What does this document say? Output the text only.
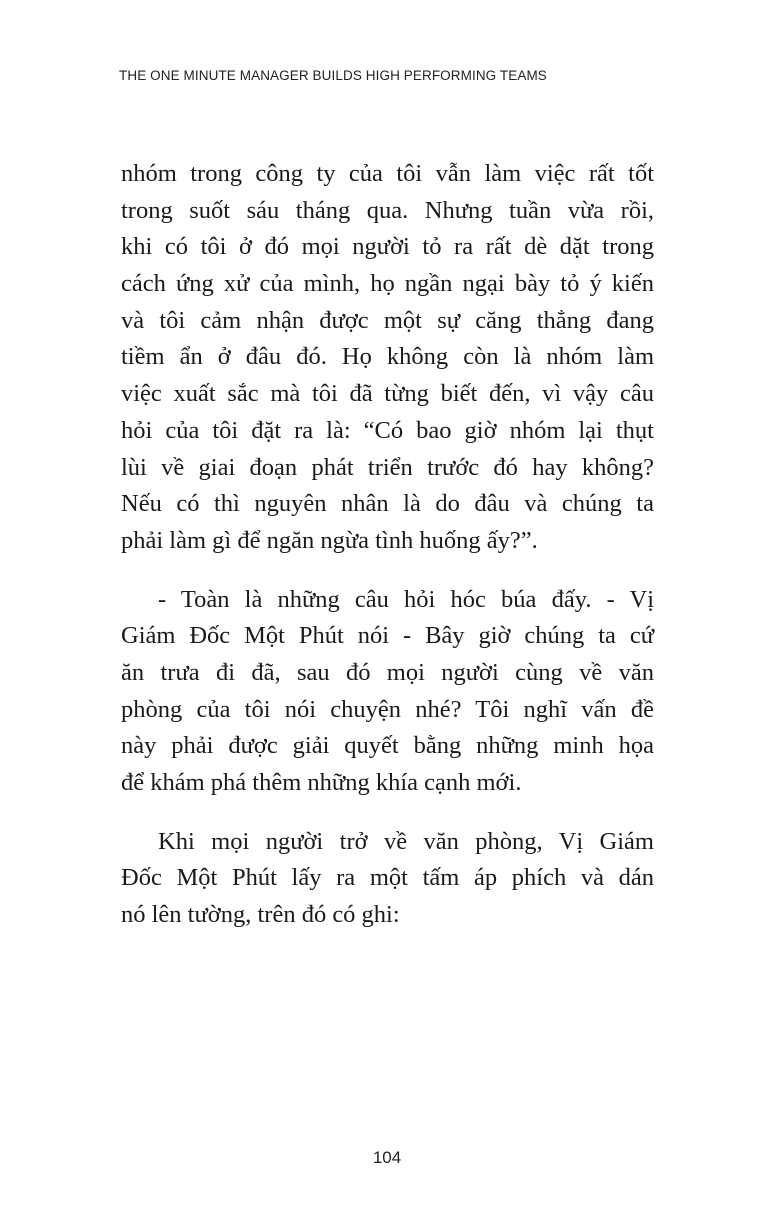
THE ONE MINUTE MANAGER BUILDS HIGH PERFORMING TEAMS
nhóm trong công ty của tôi vẫn làm việc rất tốt
trong suốt sáu tháng qua. Nhưng tuần vừa rồi,
khi có tôi ở đó mọi người tỏ ra rất dè dặt trong
cách ứng xử của mình, họ ngần ngại bày tỏ ý kiến
và tôi cảm nhận được một sự căng thẳng đang
tiềm ẩn ở đâu đó. Họ không còn là nhóm làm
việc xuất sắc mà tôi đã từng biết đến, vì vậy câu
hỏi của tôi đặt ra là: “Có bao giờ nhóm lại thụt
lùi về giai đoạn phát triển trước đó hay không?
Nếu có thì nguyên nhân là do đâu và chúng ta
phải làm gì để ngăn ngừa tình huống ấy?”.
- Toàn là những câu hỏi hóc búa đấy. - Vị
Giám Đốc Một Phút nói - Bây giờ chúng ta cứ
ăn trưa đi đã, sau đó mọi người cùng về văn
phòng của tôi nói chuyện nhé? Tôi nghĩ vấn đề
này phải được giải quyết bằng những minh họa
để khám phá thêm những khía cạnh mới.
Khi mọi người trở về văn phòng, Vị Giám
Đốc Một Phút lấy ra một tấm áp phích và dán
nó lên tường, trên đó có ghi:
104
